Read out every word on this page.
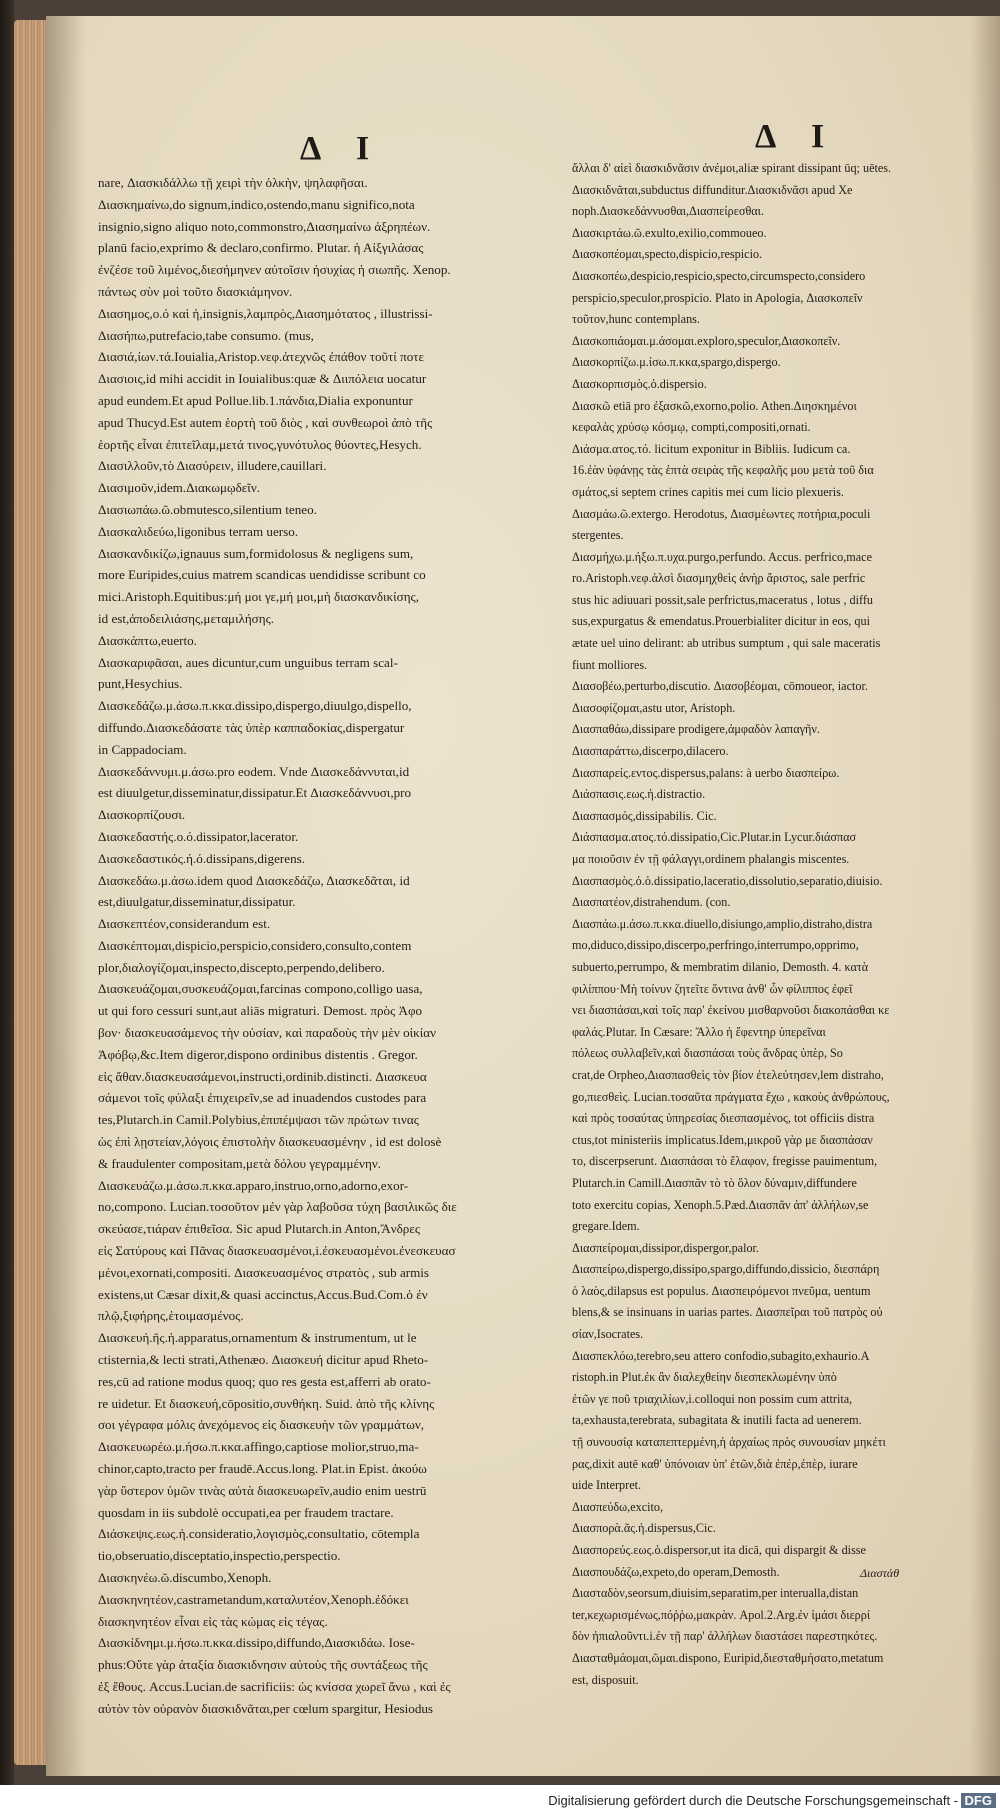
Δ Ι	Δ Ι
nare, Διασκιδάλλω τῇ χειρὶ τὴν ὁλκὴν, ψηλαφῆσαι.
Διασκημαίνω,do signum,indico,ostendo,manu significo,nota
insignio,signo aliquo noto,commonstro,Διασημαίνω ἀξρηπέων.
planū facio,exprimo & declaro,confirmo. Plutar. ἡ Αἰξγιλάσας
ἐνζέσε τοῦ λιμένος,διεσήμηνεν αὐτοῖσιν ἡσυχίας ἡ σιωπῆς. Xenop.
πάντως σὺν μοὶ τοῦτο διασκιάμηνον.
Διασημος,ο.ό καὶ ἡ,insignis,λαμπρὸς,Διασημότατος , illustrissi-
Διασήπω,putrefacio,tabe consumo. (mus,
Διασιά,ίων.τά.Iouialia,Aristop.νεφ.ἀτεχνῶς ἐπάθον τοῦτί ποτε
Διασιοις,id mihi accidit in Iouialibus:quæ & Διιπόλεια uocatur
apud eundem.Et apud Pollue.lib.1.πάνδια,Dialia exponuntur
apud Thucyd.Est autem ἑορτὴ τοῦ διὸς , καὶ συνθεωροὶ ἀπὸ τῆς
ἑορτῆς εἶναι ἐπιτεῖλαμ,μετά τινος,γυνότυλος θύοντες,Hesych.
Διασιλλοῦν,τὸ Διασύρειν, illudere,cauillari.
Διασιμοῦν,idem.Διακωμῳδεῖν.
Διασιωπάω.ῶ.obmutesco,silentium teneo.
Διασκαλιδεύω,ligonibus terram uerso.
Διασκανδικίζω,ignauus sum,formidolosus & negligens sum,
more Euripides,cuius matrem scandicas uendidisse scribunt co
mici.Aristoph.Equitibus:μή μοι γε,μή μοι,μὴ διασκανδικίσης,
id est,ἀποδειλιάσης,μεταμιλήσης.
Διασκάπτω,euerto.
Διασκαριφᾶσαι, aues dicuntur,cum unguibus terram scal-
punt,Hesychius.
Διασκεδάζω.μ.άσω.π.κκα.dissipo,dispergo,diuulgo,dispello,
diffundo.Διασκεδάσατε τὰς ὑπὲρ καππαδοκίας,dispergatur
in Cappadociam.
Διασκεδάννυμι.μ.άσω.pro eodem. Vnde Διασκεδάννυται,id
est diuulgetur,disseminatur,dissipatur.Et Διασκεδάννυσι,pro
Διασκορπίζουσι.
Διασκεδαστής.ο.ό.dissipator,lacerator.
Διασκεδαστικός.ή.ό.dissipans,digerens.
Διασκεδάω.μ.άσω.idem quod Διασκεδάζω, Διασκεδᾶται, id
est,diuulgatur,disseminatur,dissipatur.
Διασκεπτέον,considerandum est.
Διασκέπτομαι,dispicio,perspicio,considero,consulto,contem
plor,διαλογίζομαι,inspecto,discepto,perpendo,delibero.
Διασκευάζομαι,συσκευάζομαι,farcinas compono,colligo uasa,
ut qui foro cessuri sunt,aut aliās migraturi. Demost. πρὸς Ἀφο
βον· διασκευασάμενος τὴν οὐσίαν, καὶ παραδοὺς τὴν μὲν οἰκίαν
Ἀφόβῳ,&c.Item digeror,dispono ordinibus distentis . Gregor.
εἰς ἄθαν.διασκευασάμενοι,instructi,ordinib.distincti. Διασκευα
σάμενοι τοῖς φύλαξι ἐπιχειρεῖν,se ad inuadendos custodes para
tes,Plutarch.in Camil.Polybius,ἐπιπέμψασι τῶν πρώτων τινας
ὡς ἐπὶ λῃστείαν,λόγοις ἐπιστολὴν διασκευασμένην , id est dolosè
& fraudulenter compositam,μετὰ δόλου γεγραμμένην.
Διασκευάζω.μ.άσω.π.κκα.apparo,instruo,orno,adorno,exor-
no,compono. Lucian.τοσοῦτον μέν γὰρ λαβοῦσα τύχη βασιλικῶς διε
σκεύασε,τιάραν ἐπιθεῖσα. Sic apud Plutarch.in Anton,Ἄνδρες
εἰς Σατύρους καὶ Πᾶνας διασκευασμένοι,i.ἐσκευασμένοι.ἐνεσκευασ
μένοι,exornati,compositi. Διασκευασμένος στρατὸς , sub armis
existens,ut Cæsar dixit,& quasi accinctus,Accus.Bud.Com.ὁ ἐν
πλῷ,ξιφήρης,ἑτοιμασμένος.
Διασκευή.ῆς.ἡ.apparatus,ornamentum & instrumentum, ut le
ctisternia,& lecti strati,Athenæo. Διασκευή dicitur apud Rheto-
res,cū ad ratione modus quoq; quo res gesta est,afferri ab orato-
re uidetur. Et διασκευή,cōpositio,συνθήκη. Suid. ἀπὸ τῆς κλίνης
σοι γέγραφα μόλις ἀνεχόμενος εἰς διασκευὴν τῶν γραμμάτων,
Διασκευωρέω.μ.ήσω.π.κκα.affingo,captiose molior,struo,ma-
chinor,capto,tracto per fraudē.Accus.long. Plat.in Epist. ἀκούω
γὰρ ὕστερον ὑμῶν τινὰς αὐτὰ διασκευωρεῖν,audio enim uestrū
quosdam in iis subdolè occupati,ea per fraudem tractare.
Διάσκεψις.εως.ἡ.consideratio,λογισμὸς,consultatio, cōtempla
tio,obseruatio,disceptatio,inspectio,perspectio.
Διασκηνέω.ῶ.discumbo,Xenoph.
Διασκηνητέον,castrametandum,καταλυτέον,Xenoph.ἐδόκει
διασκηνητέον εἶναι εἰς τὰς κώμας εἰς τέγας.
Διασκίδνημι.μ.ήσω.π.κκα.dissipo,diffundo,Διασκιδάω. Iose-
phus:Οὔτε γὰρ ἀταξία διασκιδνησιν αὐτοὺς τῆς συντάξεως τῆς
ἐξ ἔθους. Accus.Lucian.de sacrificiis: ὡς κνίσσα χωρεῖ ἄνω , καὶ ἐς
αὐτὸν τὸν οὐρανὸν διασκιδνᾶται,per cœlum spargitur, Hesiodus
ἄλλαι δ' αἰεὶ διασκιδνᾶσιν ἀνέμοι,aliæ spirant dissipant ūq; uētes.
Διασκιδνᾶται,subductus diffunditur.Διασκιδνᾶσι apud Xe
noph.Διασκεδάννυσθαι,Διασπείρεσθαι.
Διασκιρτάω.ῶ.exulto,exilio,commoueo.
Διασκοπέομαι,specto,dispicio,respicio.
Διασκοπέω,despicio,respicio,specto,circumspecto,considero
perspicio,speculor,prospicio. Plato in Apologia, Διασκοπεῖν
τοῦτον,hunc contemplans.
Διασκοπιάομαι.μ.άσομαι.exploro,speculor,Διασκοπεῖν.
Διασκορπίζω.μ.ίσω.π.κκα,spargo,dispergo.
Διασκορπισμὸς.ὁ.dispersio.
Διασκῶ etiā pro ἐξασκῶ,exorno,polio. Athen.Διησκημένοι
κεφαλὰς χρύσῳ κόσμῳ, compti,compositi,ornati.
Διάσμα.ατος.τό. licitum exponitur in Bibliis. Iudicum ca.
16.ἐὰν ὑφάνῃς τὰς ἑπτὰ σειρὰς τῆς κεφαλῆς μου μετὰ τοῦ δια
σμάτος,si septem crines capitis mei cum licio plexueris.
Διασμάω.ῶ.extergo. Herodotus, Διασμέωντες ποτήρια,poculi
stergentes.
Διασμήχω.μ.ήξω.π.υχα.purgo,perfundo. Accus. perfrico,mace
ro.Aristoph.νεφ.ἁλσὶ διασμηχθεὶς ἀνὴρ ἄριστος, sale perfric
stus hic adiuuari possit,sale perfrictus,maceratus , lotus , diffu
sus,expurgatus & emendatus.Prouerbialiter dicitur in eos, qui
ætate uel uino delirant: ab utribus sumptum , qui sale maceratis
fiunt molliores.
Διασοβέω,perturbo,discutio. Διασοβέομαι, cōmoueor, iactor.
Διασοφίζομαι,astu utor, Aristoph.
Διασπαθάω,dissipare prodigere,ἀμφαδὸν λαπαγῆν.
Διασπαράττω,discerpo,dilacero.
Διασπαρείς.εντος.dispersus,palans: à uerbo διασπείρω.
Διάσπασις.εως.ἡ.distractio.
Διασπασμός,dissipabilis. Cic.
Διάσπασμα.ατος.τό.dissipatio,Cic.Plutar.in Lycur.διάσπασ
μα ποιοῦσιν ἐν τῇ φάλαγγι,ordinem phalangis miscentes.
Διασπασμὸς.ὁ.ὁ.dissipatio,laceratio,dissolutio,separatio,diuisio.
Διασπατέον,distrahendum. (con.
Διασπάω.μ.άσω.π.κκα.diuello,disiungo,amplio,distraho,distra
mo,diduco,dissipo,discerpo,perfringo,interrumpo,opprimo,
subuerto,perrumpo, & membratim dilanio, Demosth. 4. κατὰ
φιλίππου·Μὴ τοίνυν ζητεῖτε ὅντινα ἀνθ' ὧν φίλιππος ἐφεῖ
νει διασπάσαι,καὶ τοῖς παρ' ἐκείνου μισθαρνοῦσι διακοπάσθαι κε
φαλάς.Plutar. In Cæsare: Ἄλλο ἡ ἔφεντηρ ὑπερεῖναι
πόλεως συλλαβεῖν,καὶ διασπάσαι τοὺς ἄνδρας ὑπὲρ, So
crat,de Orpheo,Διασπασθεὶς τὸν βίον ἐτελεύτησεν,lem distraho,
go,πιεσθεὶς. Lucian.τοσαῦτα πράγματα ἔχω , κακοὺς ἀνθρώπους,
καὶ πρὸς τοσαύτας ὑπηρεσίας διεσπασμένος, tot officiis distra
ctus,tot ministeriis implicatus.Idem,μικροῦ γὰρ με διασπάσαν
το, discerpserunt. Διασπάσαι τὸ ἔλαφον, fregisse pauimentum,
Plutarch.in Camill.Διασπᾶν τὸ τὸ ὅλον δύναμιν,diffundere
toto exercitu copias, Xenoph.5.Pæd.Διασπᾶν ἀπ' ἀλλήλων,se
gregare.Idem.
Διασπείρομαι,dissipor,dispergor,palor.
Διασπείρω,dispergo,dissipo,spargo,diffundo,dissicio, διεσπάρη
ὁ λαὸς,dilapsus est populus. Διασπειρόμενοι πνεῦμα, uentum
blens,& se insinuans in uarias partes. Διασπεῖραι τοῦ πατρὸς οὐ
σίαν,Isocrates.
Διασπεκλόω,terebro,seu attero confodio,subagito,exhaurio.A
ristoph.in Plut.ἐκ ἂν διαλεχθείην διεσπεκλωμένην ὑπὸ
ἐτῶν γε ποῦ τριαχιλίων,i.colloqui non possim cum attrita,
ta,exhausta,terebrata, subagitata & inutili facta ad uenerem.
τῇ συνουσίᾳ καταπεπτερμένη,ἡ ἀρχαίως πρὸς συνουσίαν μηκέτι
ρας,dixit autē καθ' ὑπόνοιαν ὑπ' ἐτῶν,διὰ ἐπέρ,ἐπὲρ, iurare
uide Interpret.
Διασπεύδω,excito,
Διασπορὰ.ᾶς.ἡ.dispersus,Cic.
Διασπορεύς.εως.ὁ.dispersor,ut ita dicā, qui dispargit & disse
Διασπουδάζω,expeto,do operam,Demosth.
Διασταδὸν,seorsum,diuisim,separatim,per interualla,distan
ter,κεχωρισμένως,πόῤῥω,μακρὰν. Apol.2.Arg.ἐν ἱμάσι διερρί
δὸν ἠπιαλοῦντι.i.ἐν τῇ παρ' ἀλλήλων διαστάσει παρεστηκότες.
Διασταθμάομαι,ῶμαι.dispono, Euripid,διεσταθμήσατο,metatum
est, disposuit.
Διαστάθ
Digitalisierung gefördert durch die Deutsche Forschungsgemeinschaft - DFG
